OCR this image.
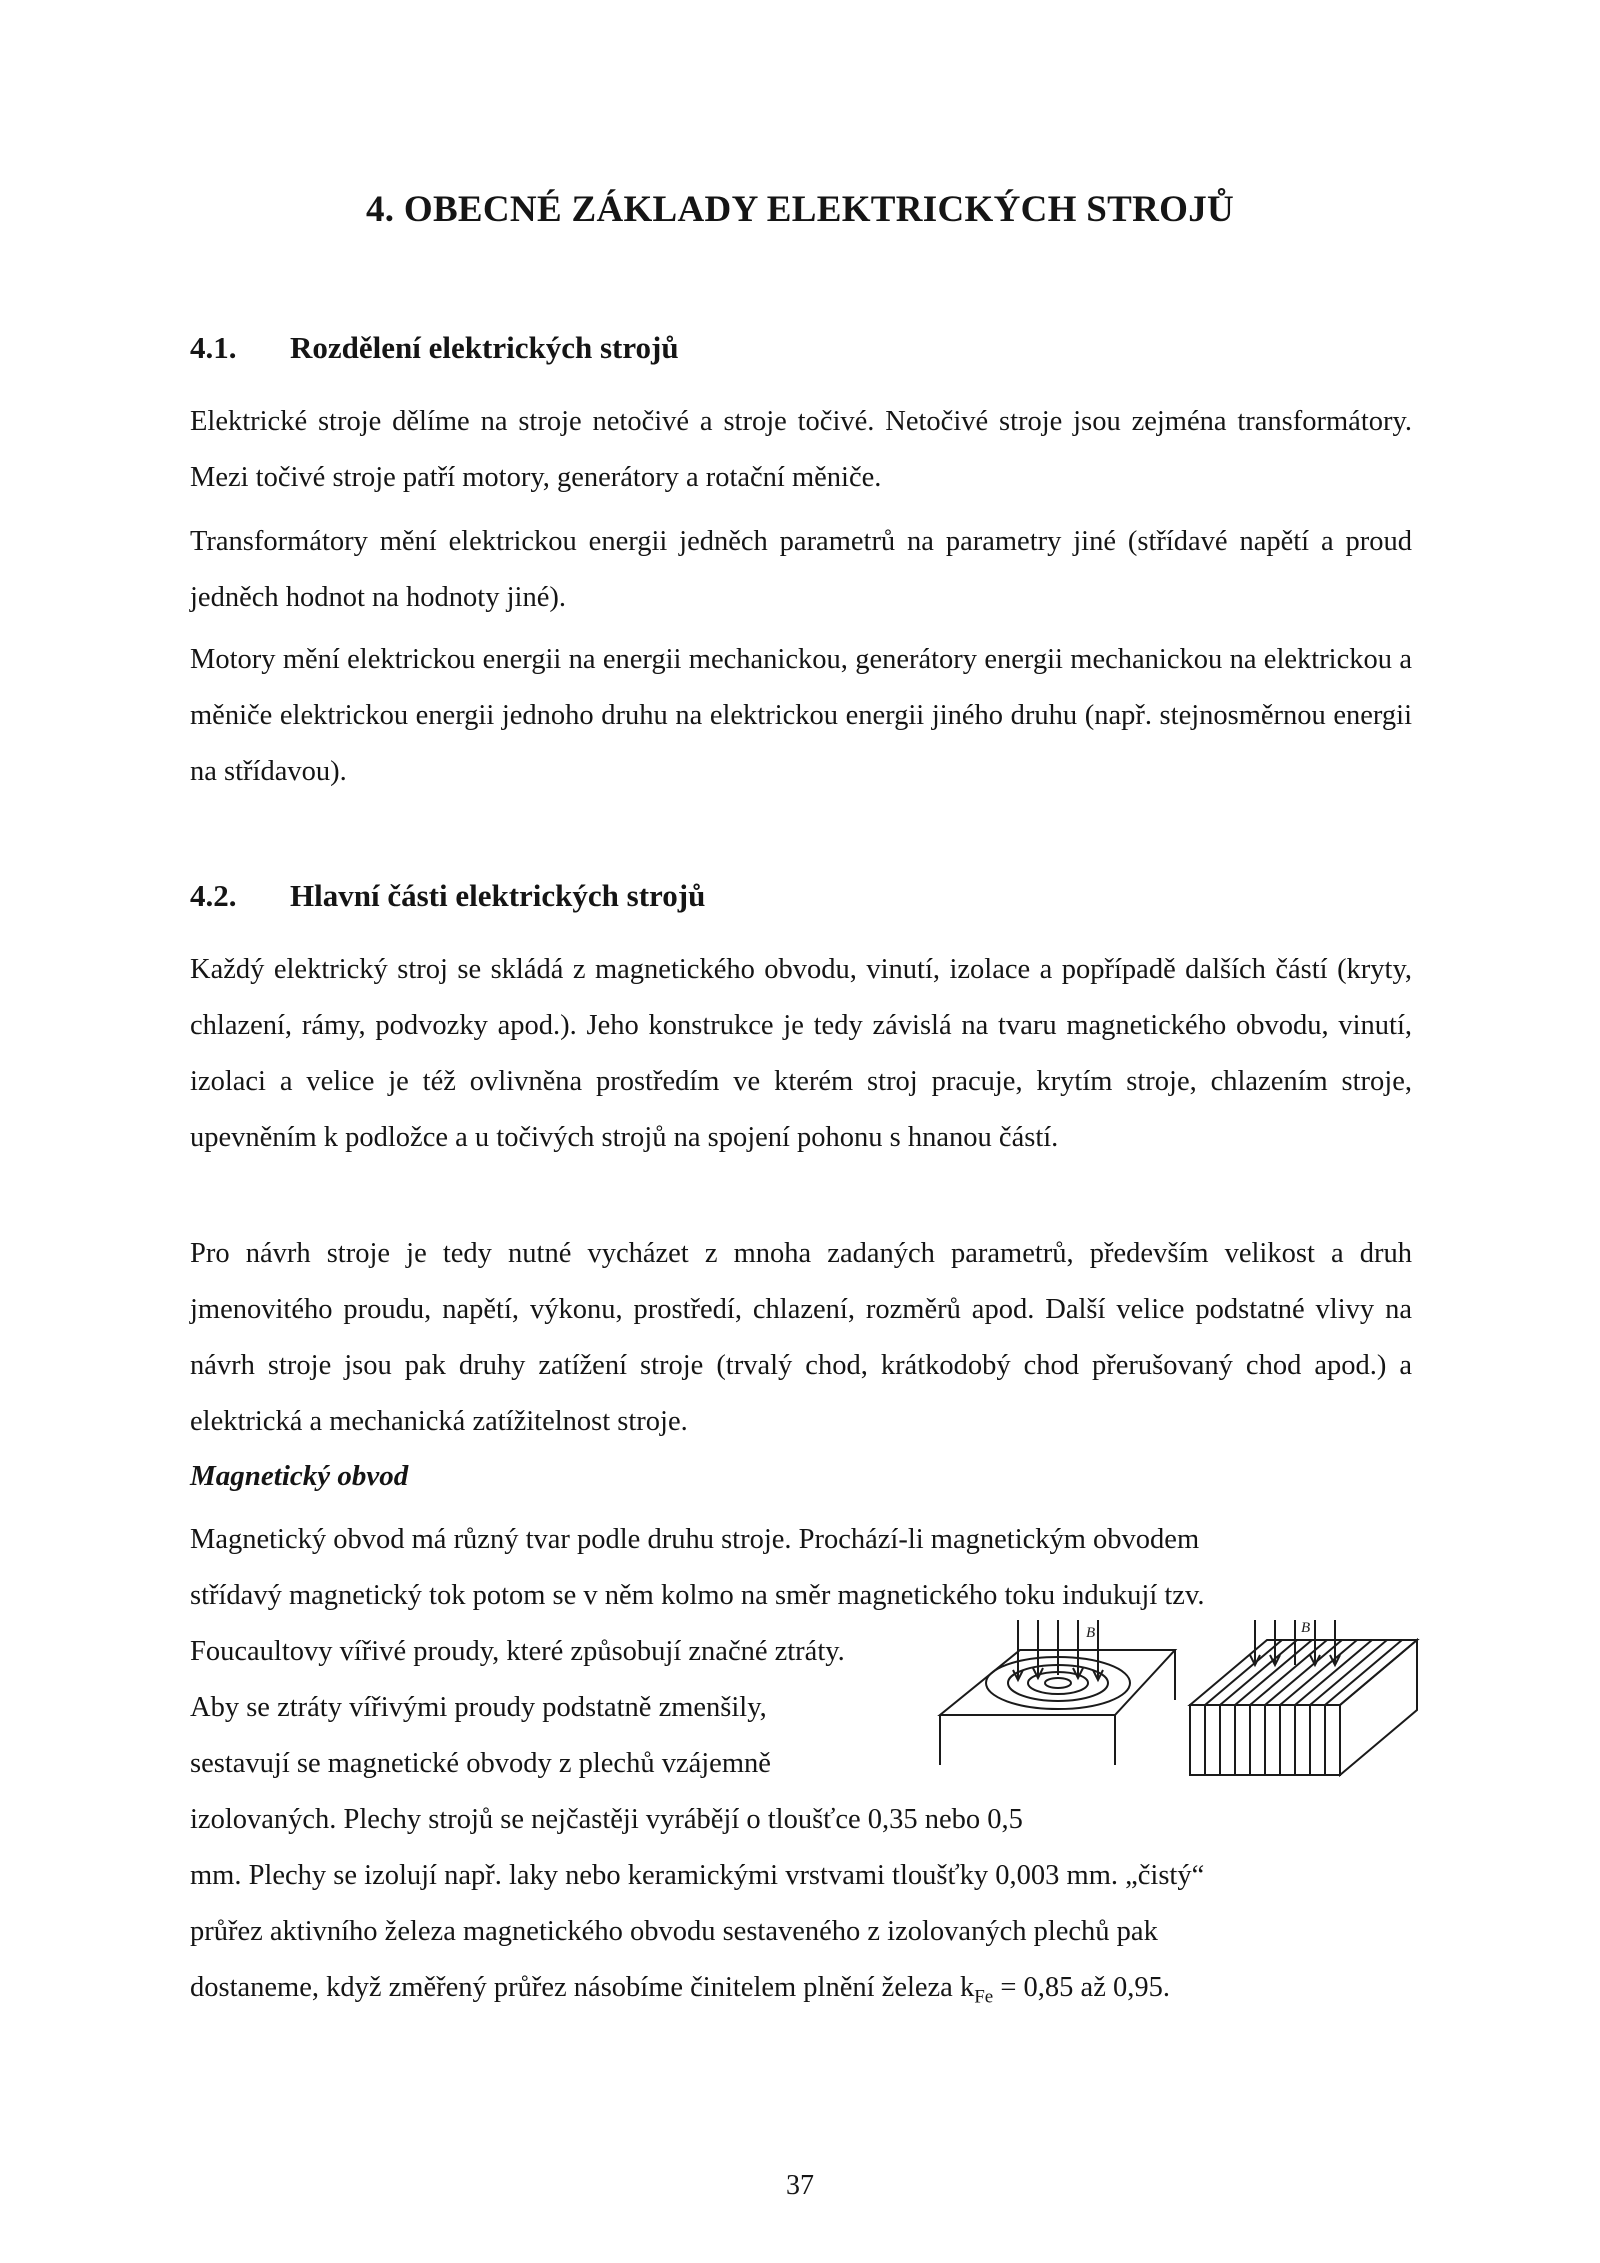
4. OBECNÉ ZÁKLADY ELEKTRICKÝCH STROJŮ
4.1. Rozdělení elektrických strojů

Elektrické stroje dělíme na stroje netočivé a stroje točivé. Netočivé stroje jsou zejména transformátory. Mezi točivé stroje patří motory, generátory a rotační měniče.

Transformátory mění elektrickou energii jedněch parametrů na parametry jiné (střídavé napětí a proud jedněch hodnot na hodnoty jiné).

Motory mění elektrickou energii na energii mechanickou, generátory energii mechanickou na elektrickou a měniče elektrickou energii jednoho druhu na elektrickou energii jiného druhu (např. stejnosměrnou energii na střídavou).

4.2. Hlavní části elektrických strojů

Každý elektrický stroj se skládá z magnetického obvodu, vinutí, izolace a popřípadě dalších částí (kryty, chlazení, rámy, podvozky apod.). Jeho konstrukce je tedy závislá na tvaru magnetického obvodu, vinutí, izolaci a velice je též ovlivněna prostředím ve kterém stroj pracuje, krytím stroje, chlazením stroje, upevněním k podložce a u točivých strojů na spojení pohonu s hnanou částí.

Pro návrh stroje je tedy nutné vycházet z mnoha zadaných parametrů, především velikost a druh jmenovitého proudu, napětí, výkonu, prostředí, chlazení, rozměrů apod. Další velice podstatné vlivy na návrh stroje jsou pak druhy zatížení stroje (trvalý chod, krátkodobý chod přerušovaný chod apod.) a elektrická a mechanická zatížitelnost stroje.

Magnetický obvod
Magnetický obvod má různý tvar podle druhu stroje. Prochází-li magnetickým obvodem
střídavý magnetický tok potom se v něm kolmo na směr magnetického toku indukují tzv.
Foucaultovy vířivé proudy, které způsobují značné ztráty.
Aby se ztráty vířivými proudy podstatně zmenšily,
sestavují se magnetické obvody z plechů vzájemně
izolovaných. Plechy strojů se nejčastěji vyrábějí o tloušťce 0,35 nebo 0,5
mm. Plechy se izolují např. laky nebo keramickými vrstvami tloušťky 0,003 mm. „čistý“
průřez aktivního železa magnetického obvodu sestaveného z izolovaných plechů pak
dostaneme, když změřený průřez násobíme činitelem plnění železa $k_{Fe} = 0,85$ až 0,95.
B	B
37
